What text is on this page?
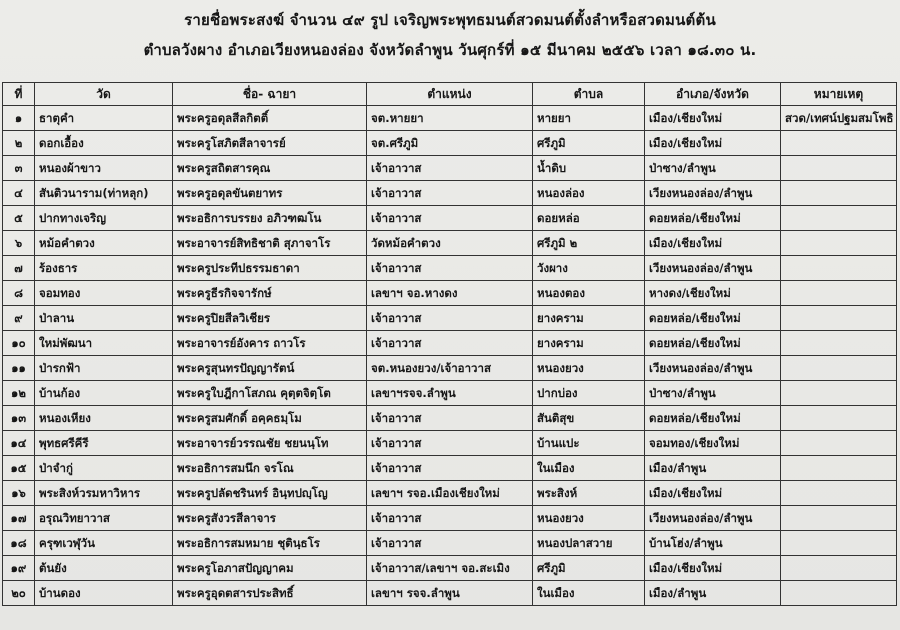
รายชื่อพระสงฆ์ จำนวน ๔๙ รูป เจริญพระพุทธมนต์สวดมนต์ตั้งลำหรือสวดมนต์ต้น
ตำบลวังผาง อำเภอเวียงหนองล่อง จังหวัดลำพูน วันศุกร์ที่ ๑๕ มีนาคม ๒๕๕๖ เวลา ๑๘.๓๐ น.
ที่	วัด	ชื่อ- ฉายา	ตำแหน่ง	ตำบล	อำเภอ/จังหวัด	หมายเหตุ
๑	ธาตุคำ	พระครูอดุลสีลกิตติ์	จต.หายยา	หายยา	เมือง/เชียงใหม่	สวด/เทศน์ปฐมสมโพธิ
๒	ดอกเอื้อง	พระครูโสภิตสีลาจารย์	จต.ศรีภูมิ	ศรีภูมิ	เมือง/เชียงใหม่	
๓	หนองผ้าขาว	พระครูสถิตสารคุณ	เจ้าอาวาส	น้ำดิบ	ป่าซาง/ลำพูน	
๔	สันติวนาราม(ท่าหลุก)	พระครูอดุลขันตยาทร	เจ้าอาวาส	หนองล่อง	เวียงหนองล่อง/ลำพูน	
๕	ปากทางเจริญ	พระอธิการบรรยง อภิวฑฒโน	เจ้าอาวาส	ดอยหล่อ	ดอยหล่อ/เชียงใหม่	
๖	หม้อคำตวง	พระอาจารย์สิทธิชาติ สุภาจาโร	วัดหม้อคำตวง	ศรีภูมิ ๒	เมือง/เชียงใหม่	
๗	ร้องธาร	พระครูประทีปธรรมธาดา	เจ้าอาวาส	วังผาง	เวียงหนองล่อง/ลำพูน	
๘	จอมทอง	พระครูธีรกิจจารักษ์	เลขาฯ จอ.หางดง	หนองตอง	หางดง/เชียงใหม่	
๙	ป่าลาน	พระครูปิยสีลวิเชียร	เจ้าอาวาส	ยางคราม	ดอยหล่อ/เชียงใหม่	
๑๐	ใหม่พัฒนา	พระอาจารย์อังคาร ถาวโร	เจ้าอาวาส	ยางคราม	ดอยหล่อ/เชียงใหม่	
๑๑	ป่ารกฟ้า	พระครูสุนทรปัญญารัตน์	จต.หนองยวง/เจ้าอาวาส	หนองยวง	เวียงหนองล่อง/ลำพูน	
๑๒	บ้านก้อง	พระครูใบฎีกาโสภณ คุตฺตจิตฺโต	เลขาฯรจจ.ลำพูน	ปากบ่อง	ป่าซาง/ลำพูน	
๑๓	หนองเหียง	พระครูสมศักดิ์ อคฺคธมฺโม	เจ้าอาวาส	สันติสุข	ดอยหล่อ/เชียงใหม่	
๑๔	พุทธศรีคีรี	พระอาจารย์วรรณชัย ชยนนฺโท	เจ้าอาวาส	บ้านแปะ	จอมทอง/เชียงใหม่	
๑๕	ป่าจำกู่	พระอธิการสมนึก จรโณ	เจ้าอาวาส	ในเมือง	เมือง/ลำพูน	
๑๖	พระสิงห์วรมหาวิหาร	พระครูปลัดชรินทร์ อินฺทปญฺโญ	เลขาฯ รจอ.เมืองเชียงใหม่	พระสิงห์	เมือง/เชียงใหม่	
๑๗	อรุณวิทยาวาส	พระครูสังวรสีลาจาร	เจ้าอาวาส	หนองยวง	เวียงหนองล่อง/ลำพูน	
๑๘	ครุฑเวฬุวัน	พระอธิการสมหมาย ชุตินฺธโร	เจ้าอาวาส	หนองปลาสวาย	บ้านโฮ่ง/ลำพูน	
๑๙	ต้นยัง	พระครูโอภาสปัญญาคม	เจ้าอาวาส/เลขาฯ จอ.สะเมิง	ศรีภูมิ	เมือง/เชียงใหม่	
๒๐	บ้านดอง	พระครูอุดตสารประสิทธิ์	เลขาฯ รจจ.ลำพูน	ในเมือง	เมือง/ลำพูน	
